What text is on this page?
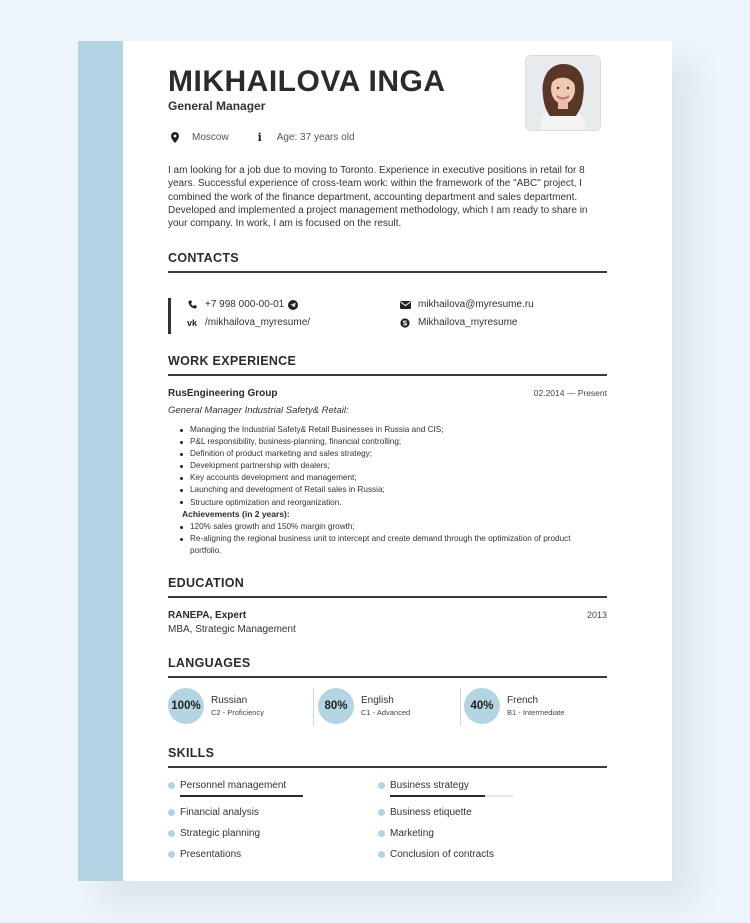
MIKHAILOVA INGA
General Manager
Moscow	i	Age: 37 years old
I am looking for a job due to moving to Toronto. Experience in executive positions in retail for 8 years. Successful experience of cross-team work: within the framework of the "ABC" project, I combined the work of the finance department, accounting department and sales department. Developed and implemented a project management methodology, which I am ready to share in your company. In work, I am is focused on the result.
CONTACTS
+7 998 000-00-01
vk /mikhailova_myresume/
mikhailova@myresume.ru
S Mikhailova_myresume
WORK EXPERIENCE
RusEngineering Group	02.2014 — Present
General Manager Industrial Safety& Retail:
Managing the Industrial Safety& Retail Businesses in Russia and CIS;
P&L responsibility, business-planning, financial controlling;
Definition of product marketing and sales strategy;
Development partnership with dealers;
Key accounts development and management;
Launching and development of Retail sales in Russia;
Structure optimization and reorganization.
Achievements (in 2 years):
120% sales growth and 150% margin growth;
Re-aligning the regional business unit to intercept and create demand through the optimization of product portfolio.
EDUCATION
RANEPA, Expert	2013
MBA, Strategic Management
LANGUAGES
100%	Russian
C2 - Proficiency
80%	English
C1 - Advanced
40%	French
B1 - Intermediate
SKILLS
Personnel management
Financial analysis
Strategic planning
Presentations
Business strategy
Business etiquette
Marketing
Conclusion of contracts
